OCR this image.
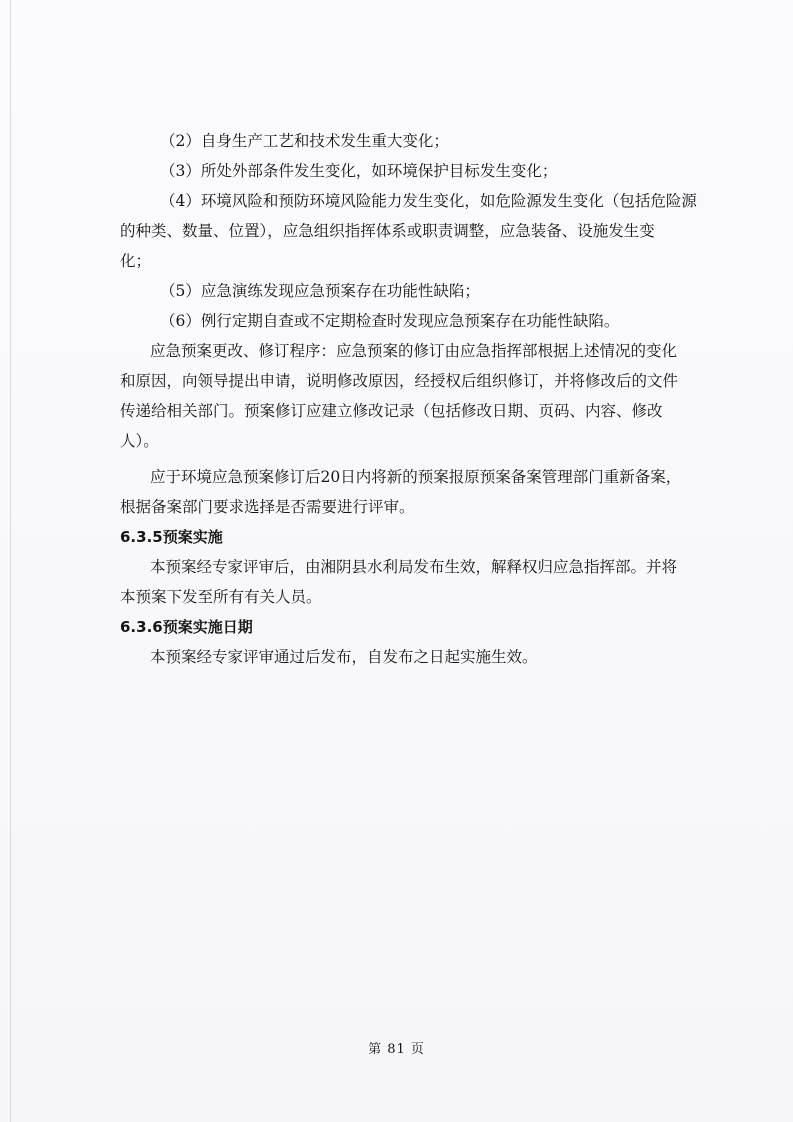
（2）自身生产工艺和技术发生重大变化；

（3）所处外部条件发生变化，如环境保护目标发生变化；

（4）环境风险和预防环境风险能力发生变化，如危险源发生变化（包括危险源

的种类、数量、位置），应急组织指挥体系或职责调整，应急装备、设施发生变

化；

（5）应急演练发现应急预案存在功能性缺陷；

（6）例行定期自查或不定期检查时发现应急预案存在功能性缺陷。

应急预案更改、修订程序：应急预案的修订由应急指挥部根据上述情况的变化

和原因，向领导提出申请，说明修改原因，经授权后组织修订，并将修改后的文件

传递给相关部门。预案修订应建立修改记录（包括修改日期、页码、内容、修改

人）。

应于环境应急预案修订后20日内将新的预案报原预案备案管理部门重新备案，

根据备案部门要求选择是否需要进行评审。

6.3.5预案实施

本预案经专家评审后，由湘阴县水利局发布生效，解释权归应急指挥部。并将

本预案下发至所有有关人员。

6.3.6预案实施日期

本预案经专家评审通过后发布，自发布之日起实施生效。

第 81 页
